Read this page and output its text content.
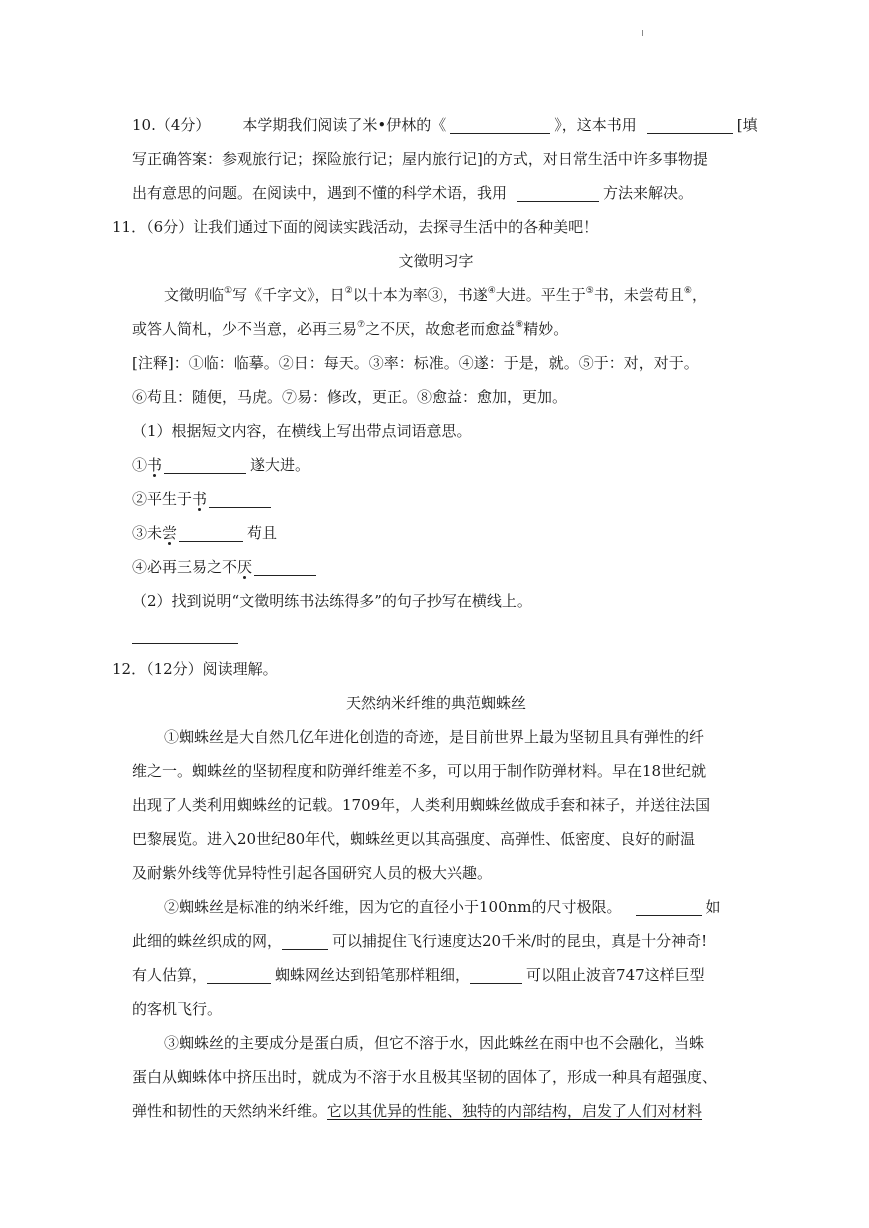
10.（4分） 本学期我们阅读了米•伊林的《	》，这本书用	[填
写正确答案：参观旅行记；探险旅行记；屋内旅行记]的方式，对日常生活中许多事物提
出有意思的问题。在阅读中，遇到不懂的科学术语，我用	方法来解决。
11．（6分）让我们通过下面的阅读实践活动，去探寻生活中的各种美吧！
文徵明习字
文徵明临①写《千字文》，日②以十本为率③，书遂④大进。平生于⑤书，未尝苟且⑥，
或答人简札，少不当意，必再三易⑦之不厌，故愈老而愈益⑧精妙。
[注释]：①临：临摹。②日：每天。③率：标准。④遂：于是，就。⑤于：对，对于。
⑥苟且：随便，马虎。⑦易：修改，更正。⑧愈益：愈加，更加。
（1）根据短文内容，在横线上写出带点词语意思。
①书	遂大进。
②平生于书
③未尝	苟且
④必再三易之不厌
（2）找到说明“文徵明练书法练得多”的句子抄写在横线上。
12．（12分）阅读理解。
天然纳米纤维的典范蜘蛛丝
①蜘蛛丝是大自然几亿年进化创造的奇迹，是目前世界上最为坚韧且具有弹性的纤
维之一。蜘蛛丝的坚韧程度和防弹纤维差不多，可以用于制作防弹材料。早在18世纪就
出现了人类利用蜘蛛丝的记载。1709年，人类利用蜘蛛丝做成手套和袜子，并送往法国
巴黎展览。进入20世纪80年代，蜘蛛丝更以其高强度、高弹性、低密度、良好的耐温
及耐紫外线等优异特性引起各国研究人员的极大兴趣。
②蜘蛛丝是标准的纳米纤维，因为它的直径小于100nm的尺寸极限。	如
此细的蛛丝织成的网，	可以捕捉住飞行速度达20千米/时的昆虫，真是十分神奇!
有人估算，	蜘蛛网丝达到铅笔那样粗细，	可以阻止波音747这样巨型
的客机飞行。
③蜘蛛丝的主要成分是蛋白质，但它不溶于水，因此蛛丝在雨中也不会融化，当蛛
蛋白从蜘蛛体中挤压出时，就成为不溶于水且极其坚韧的固体了，形成一种具有超强度、
弹性和韧性的天然纳米纤维。它以其优异的性能、独特的内部结构，启发了人们对材料
